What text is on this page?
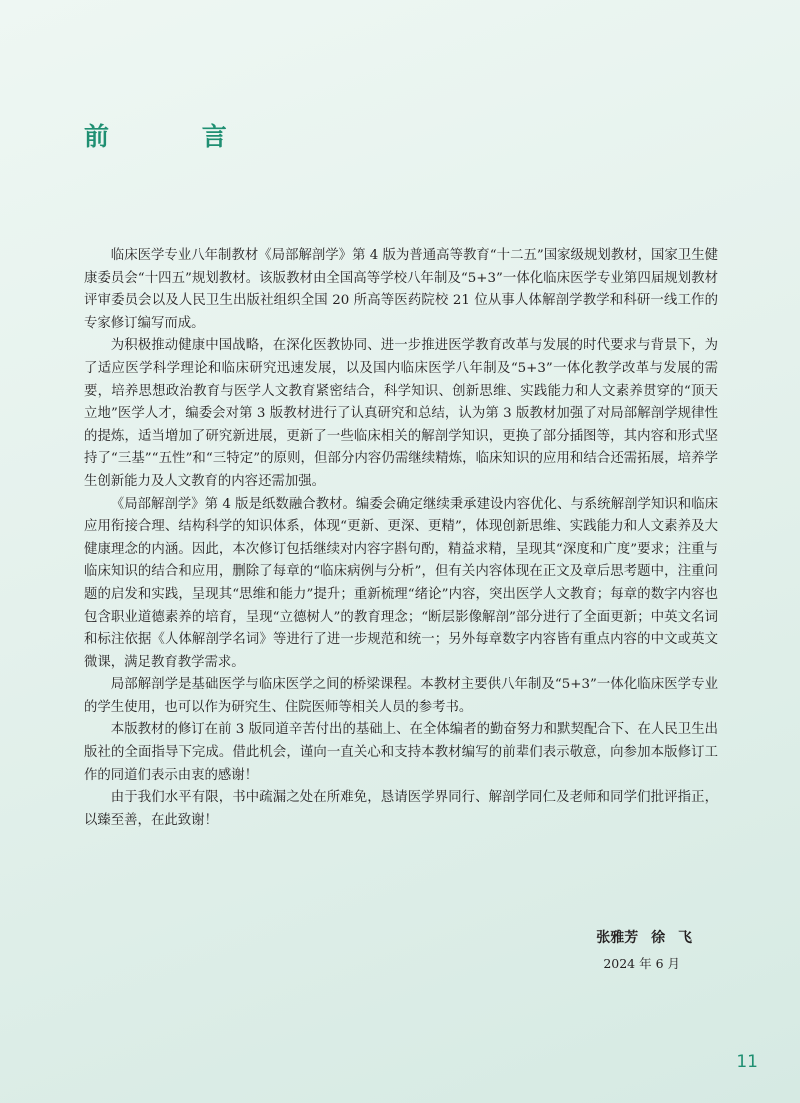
前 言

临床医学专业八年制教材《局部解剖学》第 4 版为普通高等教育“十二五”国家级规划教材，国家卫生健康委员会“十四五”规划教材。该版教材由全国高等学校八年制及“5+3”一体化临床医学专业第四届规划教材评审委员会以及人民卫生出版社组织全国 20 所高等医药院校 21 位从事人体解剖学教学和科研一线工作的专家修订编写而成。

为积极推动健康中国战略，在深化医教协同、进一步推进医学教育改革与发展的时代要求与背景下，为了适应医学科学理论和临床研究迅速发展，以及国内临床医学八年制及“5+3”一体化教学改革与发展的需要，培养思想政治教育与医学人文教育紧密结合，科学知识、创新思维、实践能力和人文素养贯穿的“顶天立地”医学人才，编委会对第 3 版教材进行了认真研究和总结，认为第 3 版教材加强了对局部解剖学规律性的提炼，适当增加了研究新进展，更新了一些临床相关的解剖学知识，更换了部分插图等，其内容和形式坚持了“三基”“五性”和“三特定”的原则，但部分内容仍需继续精炼，临床知识的应用和结合还需拓展，培养学生创新能力及人文教育的内容还需加强。

《局部解剖学》第 4 版是纸数融合教材。编委会确定继续秉承建设内容优化、与系统解剖学知识和临床应用衔接合理、结构科学的知识体系，体现“更新、更深、更精”，体现创新思维、实践能力和人文素养及大健康理念的内涵。因此，本次修订包括继续对内容字斟句酌，精益求精，呈现其“深度和广度”要求；注重与临床知识的结合和应用，删除了每章的“临床病例与分析”，但有关内容体现在正文及章后思考题中，注重问题的启发和实践，呈现其“思维和能力”提升；重新梳理“绪论”内容，突出医学人文教育；每章的数字内容也包含职业道德素养的培育，呈现“立德树人”的教育理念；“断层影像解剖”部分进行了全面更新；中英文名词和标注依据《人体解剖学名词》等进行了进一步规范和统一；另外每章数字内容皆有重点内容的中文或英文微课，满足教育教学需求。

局部解剖学是基础医学与临床医学之间的桥梁课程。本教材主要供八年制及“5+3”一体化临床医学专业的学生使用，也可以作为研究生、住院医师等相关人员的参考书。

本版教材的修订在前 3 版同道辛苦付出的基础上、在全体编者的勤奋努力和默契配合下、在人民卫生出版社的全面指导下完成。借此机会，谨向一直关心和支持本教材编写的前辈们表示敬意，向参加本版修订工作的同道们表示由衷的感谢！

由于我们水平有限，书中疏漏之处在所难免，恳请医学界同行、解剖学同仁及老师和同学们批评指正，以臻至善，在此致谢！

张雅芳 徐 飞
2024 年 6 月
11
